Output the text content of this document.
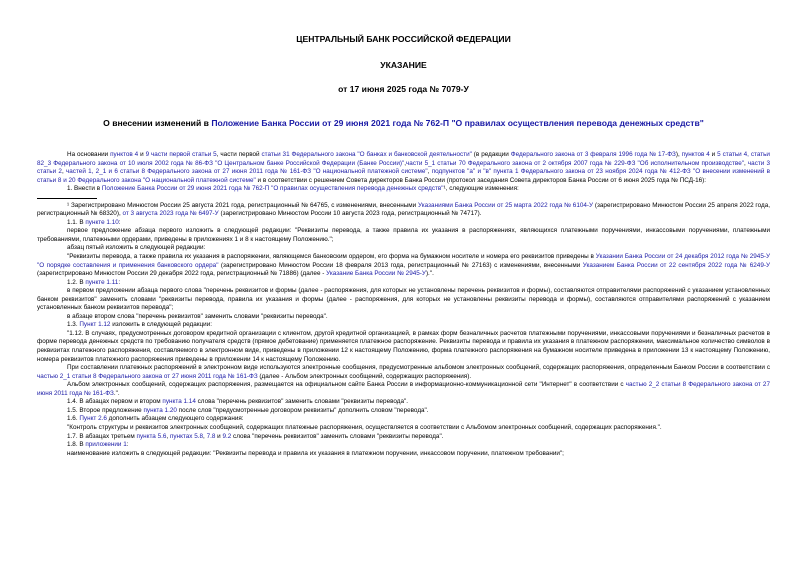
ЦЕНТРАЛЬНЫЙ БАНК РОССИЙСКОЙ ФЕДЕРАЦИИ
УКАЗАНИЕ
от 17 июня 2025 года № 7079-У
О внесении изменений в Положение Банка России от 29 июня 2021 года № 762-П "О правилах осуществления перевода денежных средств"

На основании пунктов 4 и 9 части первой статьи 5, части первой статьи 31 Федерального закона "О банках и банковской деятельности" (в редакции Федерального закона от 3 февраля 1996 года № 17-ФЗ), пунктов 4 и 5 статьи 4, статьи 82_3 Федерального закона от 10 июля 2002 года № 86-ФЗ "О Центральном банке Российской Федерации (Банке России)",части 5_1 статьи 70 Федерального закона от 2 октября 2007 года № 229-ФЗ "Об исполнительном производстве", части 3 статьи 2, частей 1, 2_1 и 6 статьи 8 Федерального закона от 27 июня 2011 года № 161-ФЗ "О национальной платежной системе", подпунктов "а" и "в" пункта 1 Федерального закона от 23 ноября 2024 года № 412-ФЗ "О внесении изменений в статьи 8 и 20 Федерального закона "О национальной платежной системе" и в соответствии с решением Совета директоров Банка России (протокол заседания Совета директоров Банка России от 6 июня 2025 года № ПСД-16):

1. Внести в Положение Банка России от 29 июня 2021 года № 762-П "О правилах осуществления перевода денежных средств"¹, следующие изменения:

¹ Зарегистрировано Минюстом России 25 августа 2021 года, регистрационный № 64765, с изменениями, внесенными Указаниями Банка России от 25 марта 2022 года № 6104-У (зарегистрировано Минюстом России 25 апреля 2022 года, регистрационный № 68320), от 3 августа 2023 года № 6497-У (зарегистрировано Минюстом России 10 августа 2023 года, регистрационный № 74717).

1.1. В пункте 1.10:

первое предложение абзаца первого изложить в следующей редакции: "Реквизиты перевода, а также правила их указания в распоряжениях, являющихся платежными поручениями, инкассовыми поручениями, платежными требованиями, платежными ордерами, приведены в приложениях 1 и 8 к настоящему Положению.";

абзац пятый изложить в следующей редакции:

"Реквизиты перевода, а также правила их указания в распоряжении, являющемся банковским ордером, его форма на бумажном носителе и номера его реквизитов приведены в Указании Банка России от 24 декабря 2012 года № 2945-У "О порядке составления и применения банковского ордера" (зарегистрировано Минюстом России 18 февраля 2013 года, регистрационный № 27163) с изменениями, внесенными Указанием Банка России от 22 сентября 2022 года № 6249-У (зарегистрировано Минюстом России 29 декабря 2022 года, регистрационный № 71886) (далее - Указание Банка России № 2945-У).".

1.2. В пункте 1.11:

в первом предложении абзаца первого слова "перечень реквизитов и формы (далее - распоряжения, для которых не установлены перечень реквизитов и формы), составляются отправителями распоряжений с указанием установленных банком реквизитов" заменить словами "реквизиты перевода, правила их указания и формы (далее - распоряжения, для которых не установлены реквизиты перевода и формы), составляются отправителями распоряжений с указанием установленных банком реквизитов перевода";

в абзаце втором слова "перечень реквизитов" заменить словами "реквизиты перевода".

1.3. Пункт 1.12 изложить в следующей редакции:

"1.12. В случаях, предусмотренных договором кредитной организации с клиентом, другой кредитной организацией, в рамках форм безналичных расчетов платежными поручениями, инкассовыми поручениями и безналичных расчетов в форме перевода денежных средств по требованию получателя средств (прямое дебетование) применяется платежное распоряжение. Реквизиты перевода и правила их указания в платежном распоряжении, максимальное количество символов в реквизитах платежного распоряжения, составляемого в электронном виде, приведены в приложении 12 к настоящему Положению, форма платежного распоряжения на бумажном носителе приведена в приложении 13 к настоящему Положению, номера реквизитов платежного распоряжения приведены в приложении 14 к настоящему Положению.

При составлении платежных распоряжений в электронном виде используются электронные сообщения, предусмотренные альбомом электронных сообщений, содержащих распоряжения, определенным Банком России в соответствии с частью 2_1 статьи 8 Федерального закона от 27 июня 2011 года № 161-ФЗ (далее - Альбом электронных сообщений, содержащих распоряжения).

Альбом электронных сообщений, содержащих распоряжения, размещается на официальном сайте Банка России в информационно-коммуникационной сети "Интернет" в соответствии с частью 2_2 статьи 8 Федерального закона от 27 июня 2011 года № 161-ФЗ.".

1.4. В абзацах первом и втором пункта 1.14 слова "перечень реквизитов" заменить словами "реквизиты перевода".

1.5. Второе предложение пункта 1.20 после слов "предусмотренные договором реквизиты" дополнить словом "перевода".

1.6. Пункт 2.6 дополнить абзацем следующего содержания:

"Контроль структуры и реквизитов электронных сообщений, содержащих платежные распоряжения, осуществляется в соответствии с Альбомом электронных сообщений, содержащих распоряжения.".

1.7. В абзацах третьем пункта 5.6, пунктах 5.8, 7.8 и 9.2 слова "перечень реквизитов" заменить словами "реквизиты перевода".

1.8. В приложении 1:

наименование изложить в следующей редакции: "Реквизиты перевода и правила их указания в платежном поручении, инкассовом поручении, платежном требовании";
